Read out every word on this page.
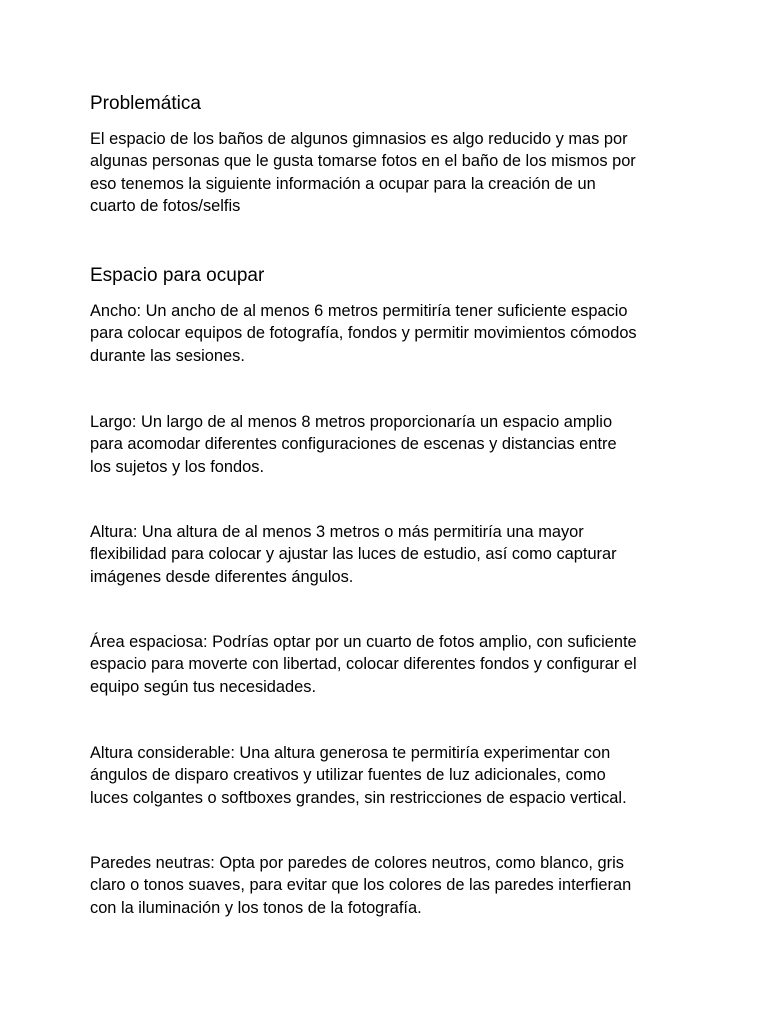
Problemática

El espacio de los baños de algunos gimnasios es algo reducido y mas por
algunas personas que le gusta tomarse fotos en el baño de los mismos por
eso tenemos la siguiente información a ocupar para la creación de un
cuarto de fotos/selfis

Espacio para ocupar

Ancho: Un ancho de al menos 6 metros permitiría tener suficiente espacio
para colocar equipos de fotografía, fondos y permitir movimientos cómodos
durante las sesiones.

Largo: Un largo de al menos 8 metros proporcionaría un espacio amplio
para acomodar diferentes configuraciones de escenas y distancias entre
los sujetos y los fondos.

Altura: Una altura de al menos 3 metros o más permitiría una mayor
flexibilidad para colocar y ajustar las luces de estudio, así como capturar
imágenes desde diferentes ángulos.

Área espaciosa: Podrías optar por un cuarto de fotos amplio, con suficiente
espacio para moverte con libertad, colocar diferentes fondos y configurar el
equipo según tus necesidades.

Altura considerable: Una altura generosa te permitiría experimentar con
ángulos de disparo creativos y utilizar fuentes de luz adicionales, como
luces colgantes o softboxes grandes, sin restricciones de espacio vertical.

Paredes neutras: Opta por paredes de colores neutros, como blanco, gris
claro o tonos suaves, para evitar que los colores de las paredes interfieran
con la iluminación y los tonos de la fotografía.
